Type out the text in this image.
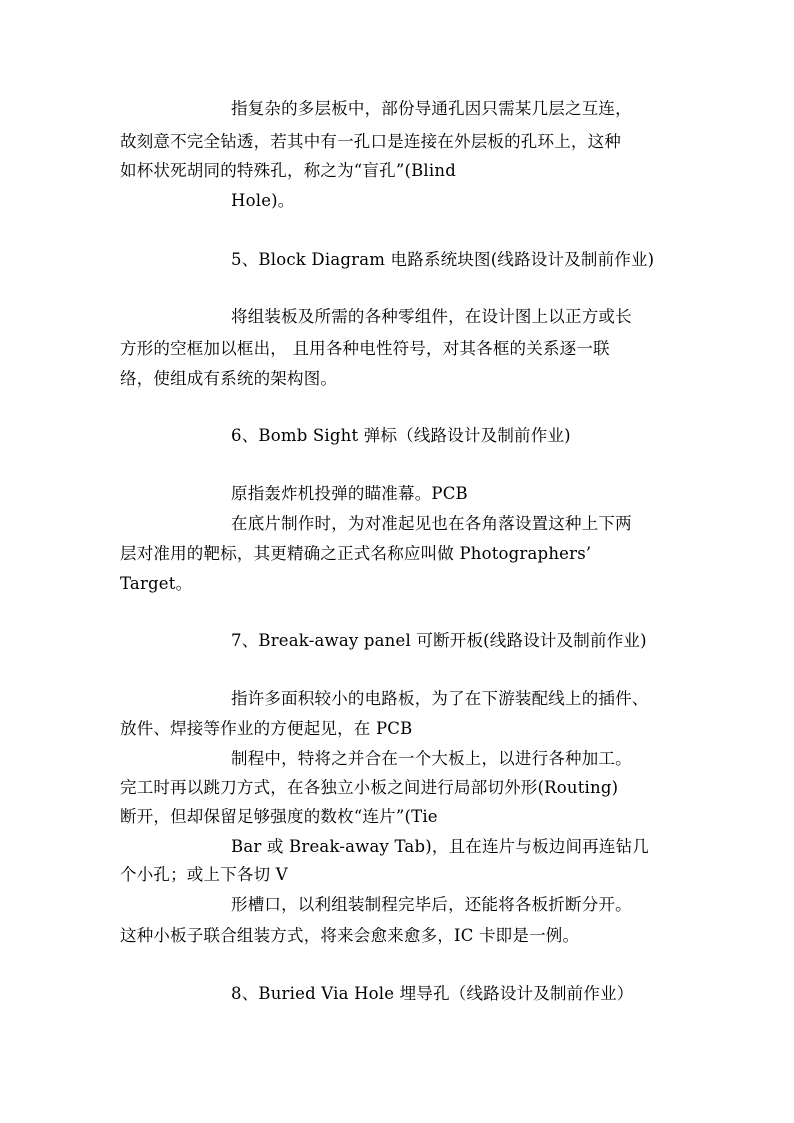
指复杂的多层板中，部份导通孔因只需某几层之互连，
故刻意不完全钻透，若其中有一孔口是连接在外层板的孔环上，这种
如杯状死胡同的特殊孔，称之为“盲孔”(Blind
Hole)。
5、Block Diagram 电路系统块图(线路设计及制前作业)
将组装板及所需的各种零组件，在设计图上以正方或长
方形的空框加以框出， 且用各种电性符号，对其各框的关系逐一联
络，使组成有系统的架构图。
6、Bomb Sight 弹标（线路设计及制前作业)
原指轰炸机投弹的瞄准幕。PCB
在底片制作时，为对准起见也在各角落设置这种上下两
层对准用的靶标，其更精确之正式名称应叫做 Photographers’
Target。
7、Break-away panel 可断开板(线路设计及制前作业)
指许多面积较小的电路板，为了在下游装配线上的插件、
放件、焊接等作业的方便起见，在 PCB
制程中，特将之并合在一个大板上，以进行各种加工。
完工时再以跳刀方式，在各独立小板之间进行局部切外形(Routing)
断开，但却保留足够强度的数枚“连片”(Tie
Bar 或 Break-away Tab)，且在连片与板边间再连钻几
个小孔；或上下各切 V
形槽口，以利组装制程完毕后，还能将各板折断分开。
这种小板子联合组装方式，将来会愈来愈多，IC 卡即是一例。
8、Buried Via Hole 埋导孔（线路设计及制前作业）
